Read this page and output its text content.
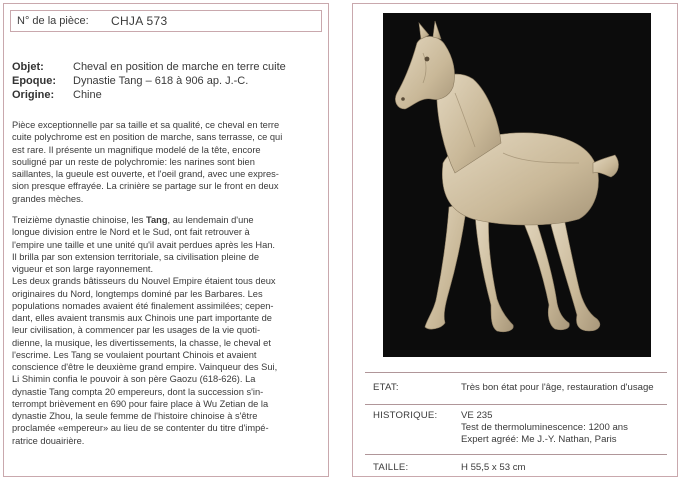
N° de la pièce: CHJA 573
Objet:	Cheval en position de marche en terre cuite
Epoque:	Dynastie Tang – 618 à 906 ap. J.-C.
Origine:	Chine

Pièce exceptionnelle par sa taille et sa qualité, ce cheval en terre

cuite polychrome est en position de marche, sans terrasse, ce qui

est rare. Il présente un magnifique modelé de la tête, encore

souligné par un reste de polychromie: les narines sont bien

saillantes, la gueule est ouverte, et l'oeil grand, avec une expres-

sion presque effrayée. La crinière se partage sur le front en deux

grandes mèches.

Treizième dynastie chinoise, les Tang, au lendemain d'une

longue division entre le Nord et le Sud, ont fait retrouver à

l'empire une taille et une unité qu'il avait perdues après les Han.

Il brilla par son extension territoriale, sa civilisation pleine de

vigueur et son large rayonnement.

Les deux grands bâtisseurs du Nouvel Empire étaient tous deux

originaires du Nord, longtemps dominé par les Barbares. Les

populations nomades avaient été finalement assimilées; cepen-

dant, elles avaient transmis aux Chinois une part importante de

leur civilisation, à commencer par les usages de la vie quoti-

dienne, la musique, les divertissements, la chasse, le cheval et

l'escrime. Les Tang se voulaient pourtant Chinois et avaient

conscience d'être le deuxième grand empire. Vainqueur des Sui,

Li Shimin confia le pouvoir à son père Gaozu (618-626). La

dynastie Tang compta 20 empereurs, dont la succession s'in-

terrompt brièvement en 690 pour faire place à Wu Zetian de la

dynastie Zhou, la seule femme de l'histoire chinoise à s'être

proclamée «empereur» au lieu de se contenter du titre d'impé-

ratrice douairière.

ETAT:	Très bon état pour l'âge, restauration d'usage
HISTORIQUE:	VE 235
Test de thermoluminescence: 1200 ans
Expert agréé: Me J.-Y. Nathan, Paris
TAILLE:	H 55,5 x 53 cm
